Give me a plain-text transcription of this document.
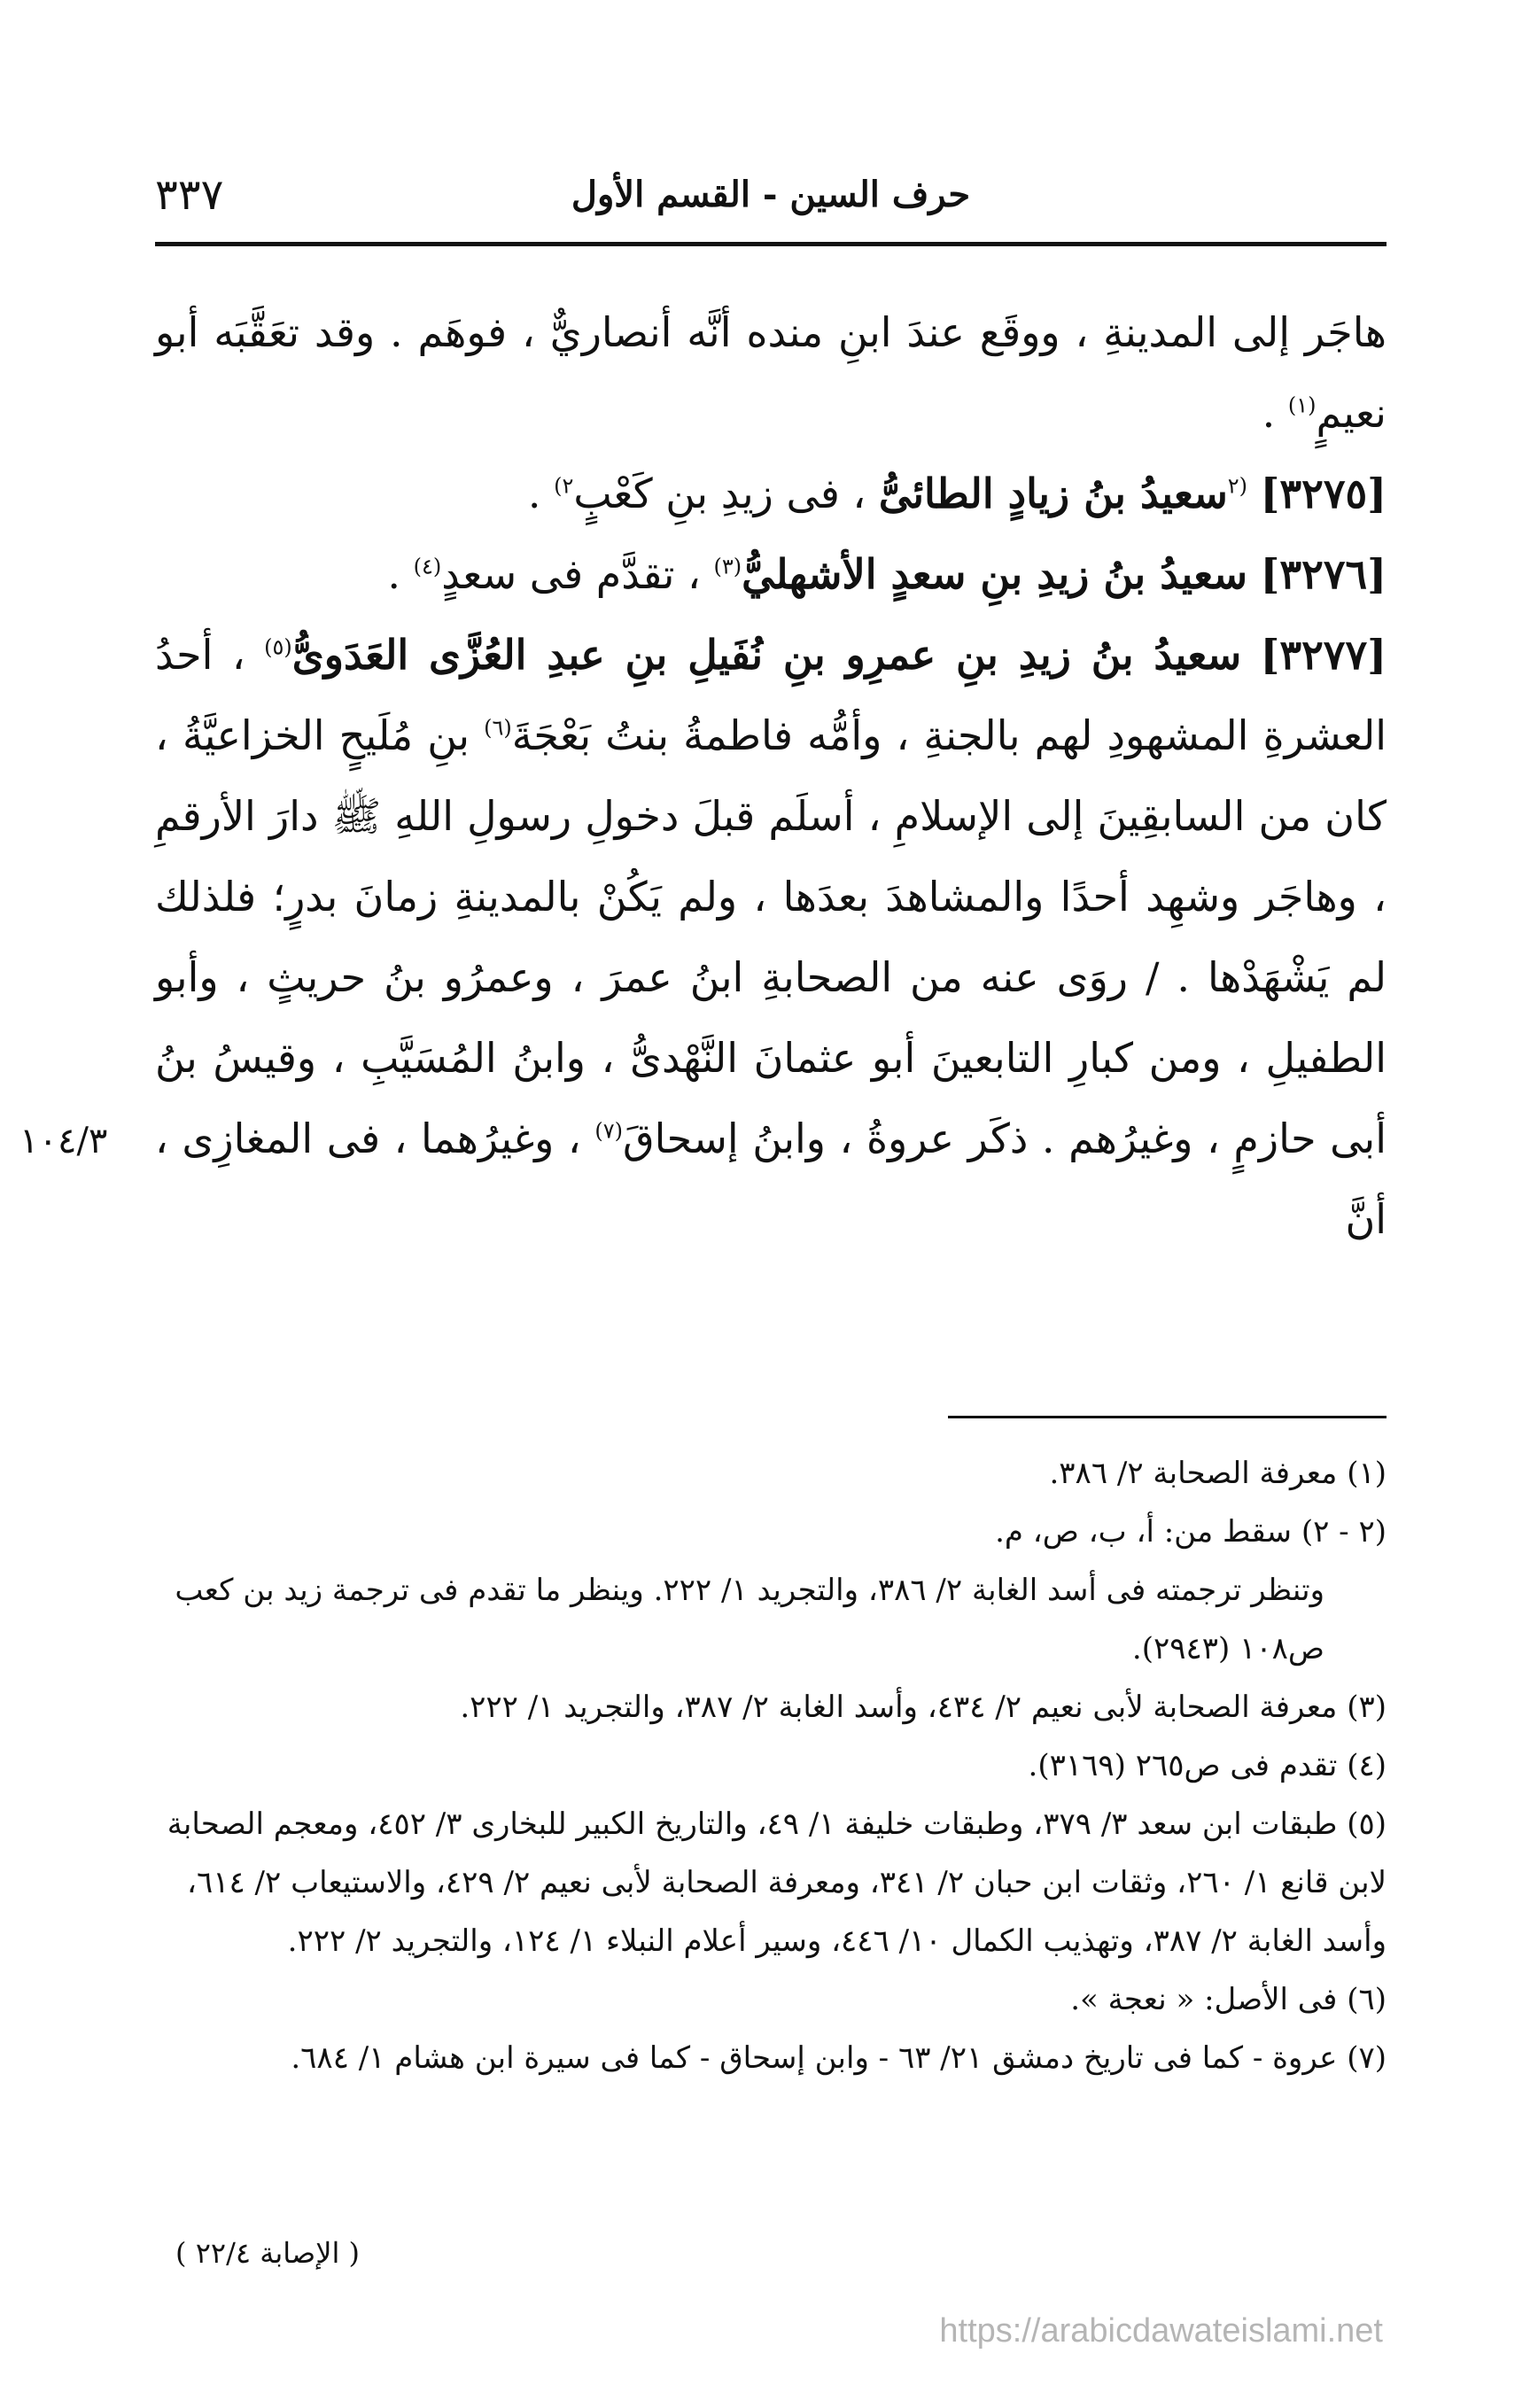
٣٣٧	حرف السين - القسم الأول

هاجَر إلى المدينةِ ، ووقَع عندَ ابنِ منده أنَّه أنصاريٌّ ، فوهَم . وقد تعَقَّبَه أبو نعيمٍ$^{(١)}$ .

[٣٢٧٥] $^{(٢}$سعيدُ بنُ زيادٍ الطائىُّ ، فى زيدِ بنِ كَعْبٍ$^{٢)}$ .

[٣٢٧٦] سعيدُ بنُ زيدِ بنِ سعدٍ الأشهليُّ$^{(٣)}$ ، تقدَّم فى سعدٍ$^{(٤)}$ .

[٣٢٧٧] سعيدُ بنُ زيدِ بنِ عمرِو بنِ نُفَيلِ بنِ عبدِ العُزَّى العَدَوىُّ$^{(٥)}$ ، أحدُ العشرةِ المشهودِ لهم بالجنةِ ، وأمُّه فاطمةُ بنتُ بَعْجَةَ$^{(٦)}$ بنِ مُلَيحٍ الخزاعيَّةُ ، كان من السابقِينَ إلى الإسلامِ ، أسلَم قبلَ دخولِ رسولِ اللهِ ﷺ دارَ الأرقمِ ، وهاجَر وشهِد أحدًا والمشاهدَ بعدَها ، ولم يَكُنْ بالمدينةِ زمانَ بدرٍ؛ فلذلك لم يَشْهَدْها . / روَى عنه من الصحابةِ ابنُ عمرَ ، وعمرُو بنُ حريثٍ ، وأبو الطفيلِ ، ومن كبارِ التابعينَ أبو عثمانَ النَّهْدىُّ ، وابنُ المُسَيَّبِ ، وقيسُ بنُ أبى حازمٍ ، وغيرُهم . ذكَر عروةُ ، وابنُ إسحاقَ$^{(٧)}$ ، وغيرُهما ، فى المغازِى ، أنَّ

١٠٤/٣

(١) معرفة الصحابة ٢/ ٣٨٦.

(٢ - ٢) سقط من: أ، ب، ص، م.

وتنظر ترجمته فى أسد الغابة ٢/ ٣٨٦، والتجريد ١/ ٢٢٢. وينظر ما تقدم فى ترجمة زيد بن كعب ص١٠٨ (٢٩٤٣).

(٣) معرفة الصحابة لأبى نعيم ٢/ ٤٣٤، وأسد الغابة ٢/ ٣٨٧، والتجريد ١/ ٢٢٢.

(٤) تقدم فى ص٢٦٥ (٣١٦٩).

(٥) طبقات ابن سعد ٣/ ٣٧٩، وطبقات خليفة ١/ ٤٩، والتاريخ الكبير للبخارى ٣/ ٤٥٢، ومعجم الصحابة لابن قانع ١/ ٢٦٠، وثقات ابن حبان ٢/ ٣٤١، ومعرفة الصحابة لأبى نعيم ٢/ ٤٢٩، والاستيعاب ٢/ ٦١٤، وأسد الغابة ٢/ ٣٨٧، وتهذيب الكمال ١٠/ ٤٤٦، وسير أعلام النبلاء ١/ ١٢٤، والتجريد ٢/ ٢٢٢.

(٦) فى الأصل: « نعجة ».

(٧) عروة - كما فى تاريخ دمشق ٢١/ ٦٣ - وابن إسحاق - كما فى سيرة ابن هشام ١/ ٦٨٤.

( الإصابة ٢٢/٤ )
https://arabicdawateislami.net
